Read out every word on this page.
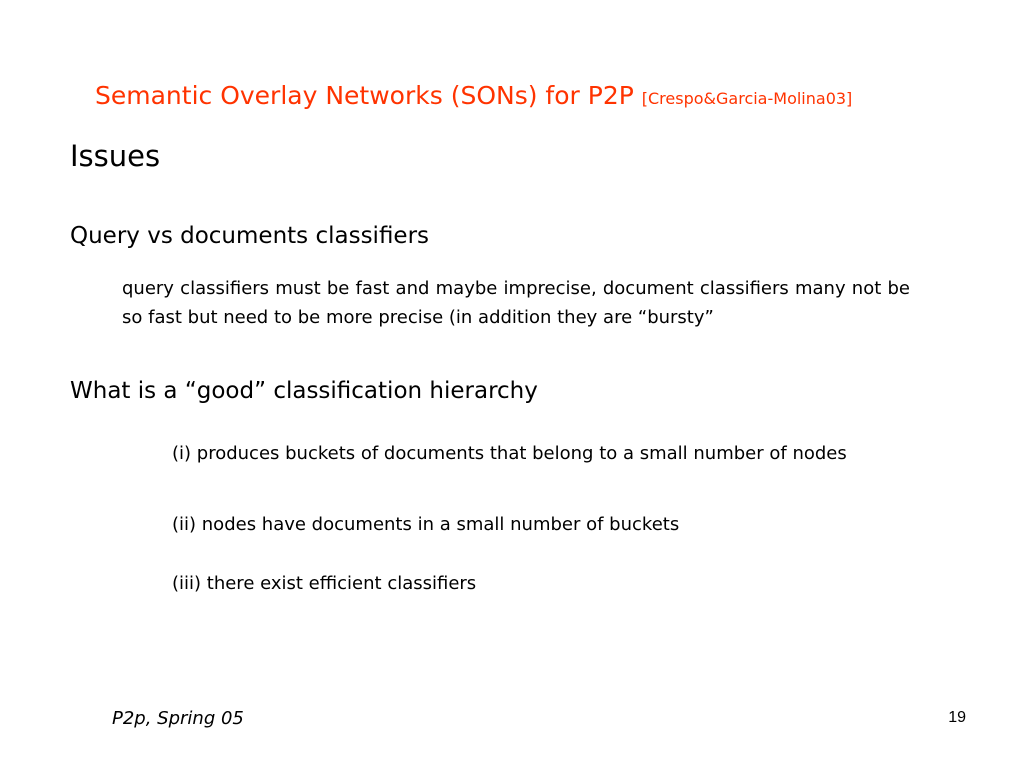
Semantic Overlay Networks (SONs) for P2P [Crespo&Garcia-Molina03]
Issues
Query vs documents classifiers
query classifiers must be fast and maybe imprecise, document classifiers many not be so fast but need to be more precise (in addition they are “bursty”
What is a “good” classification hierarchy
(i) produces buckets of documents that belong to a small number of nodes
(ii) nodes have documents in a small number of buckets
(iii) there exist efficient classifiers
P2p, Spring 05	19
